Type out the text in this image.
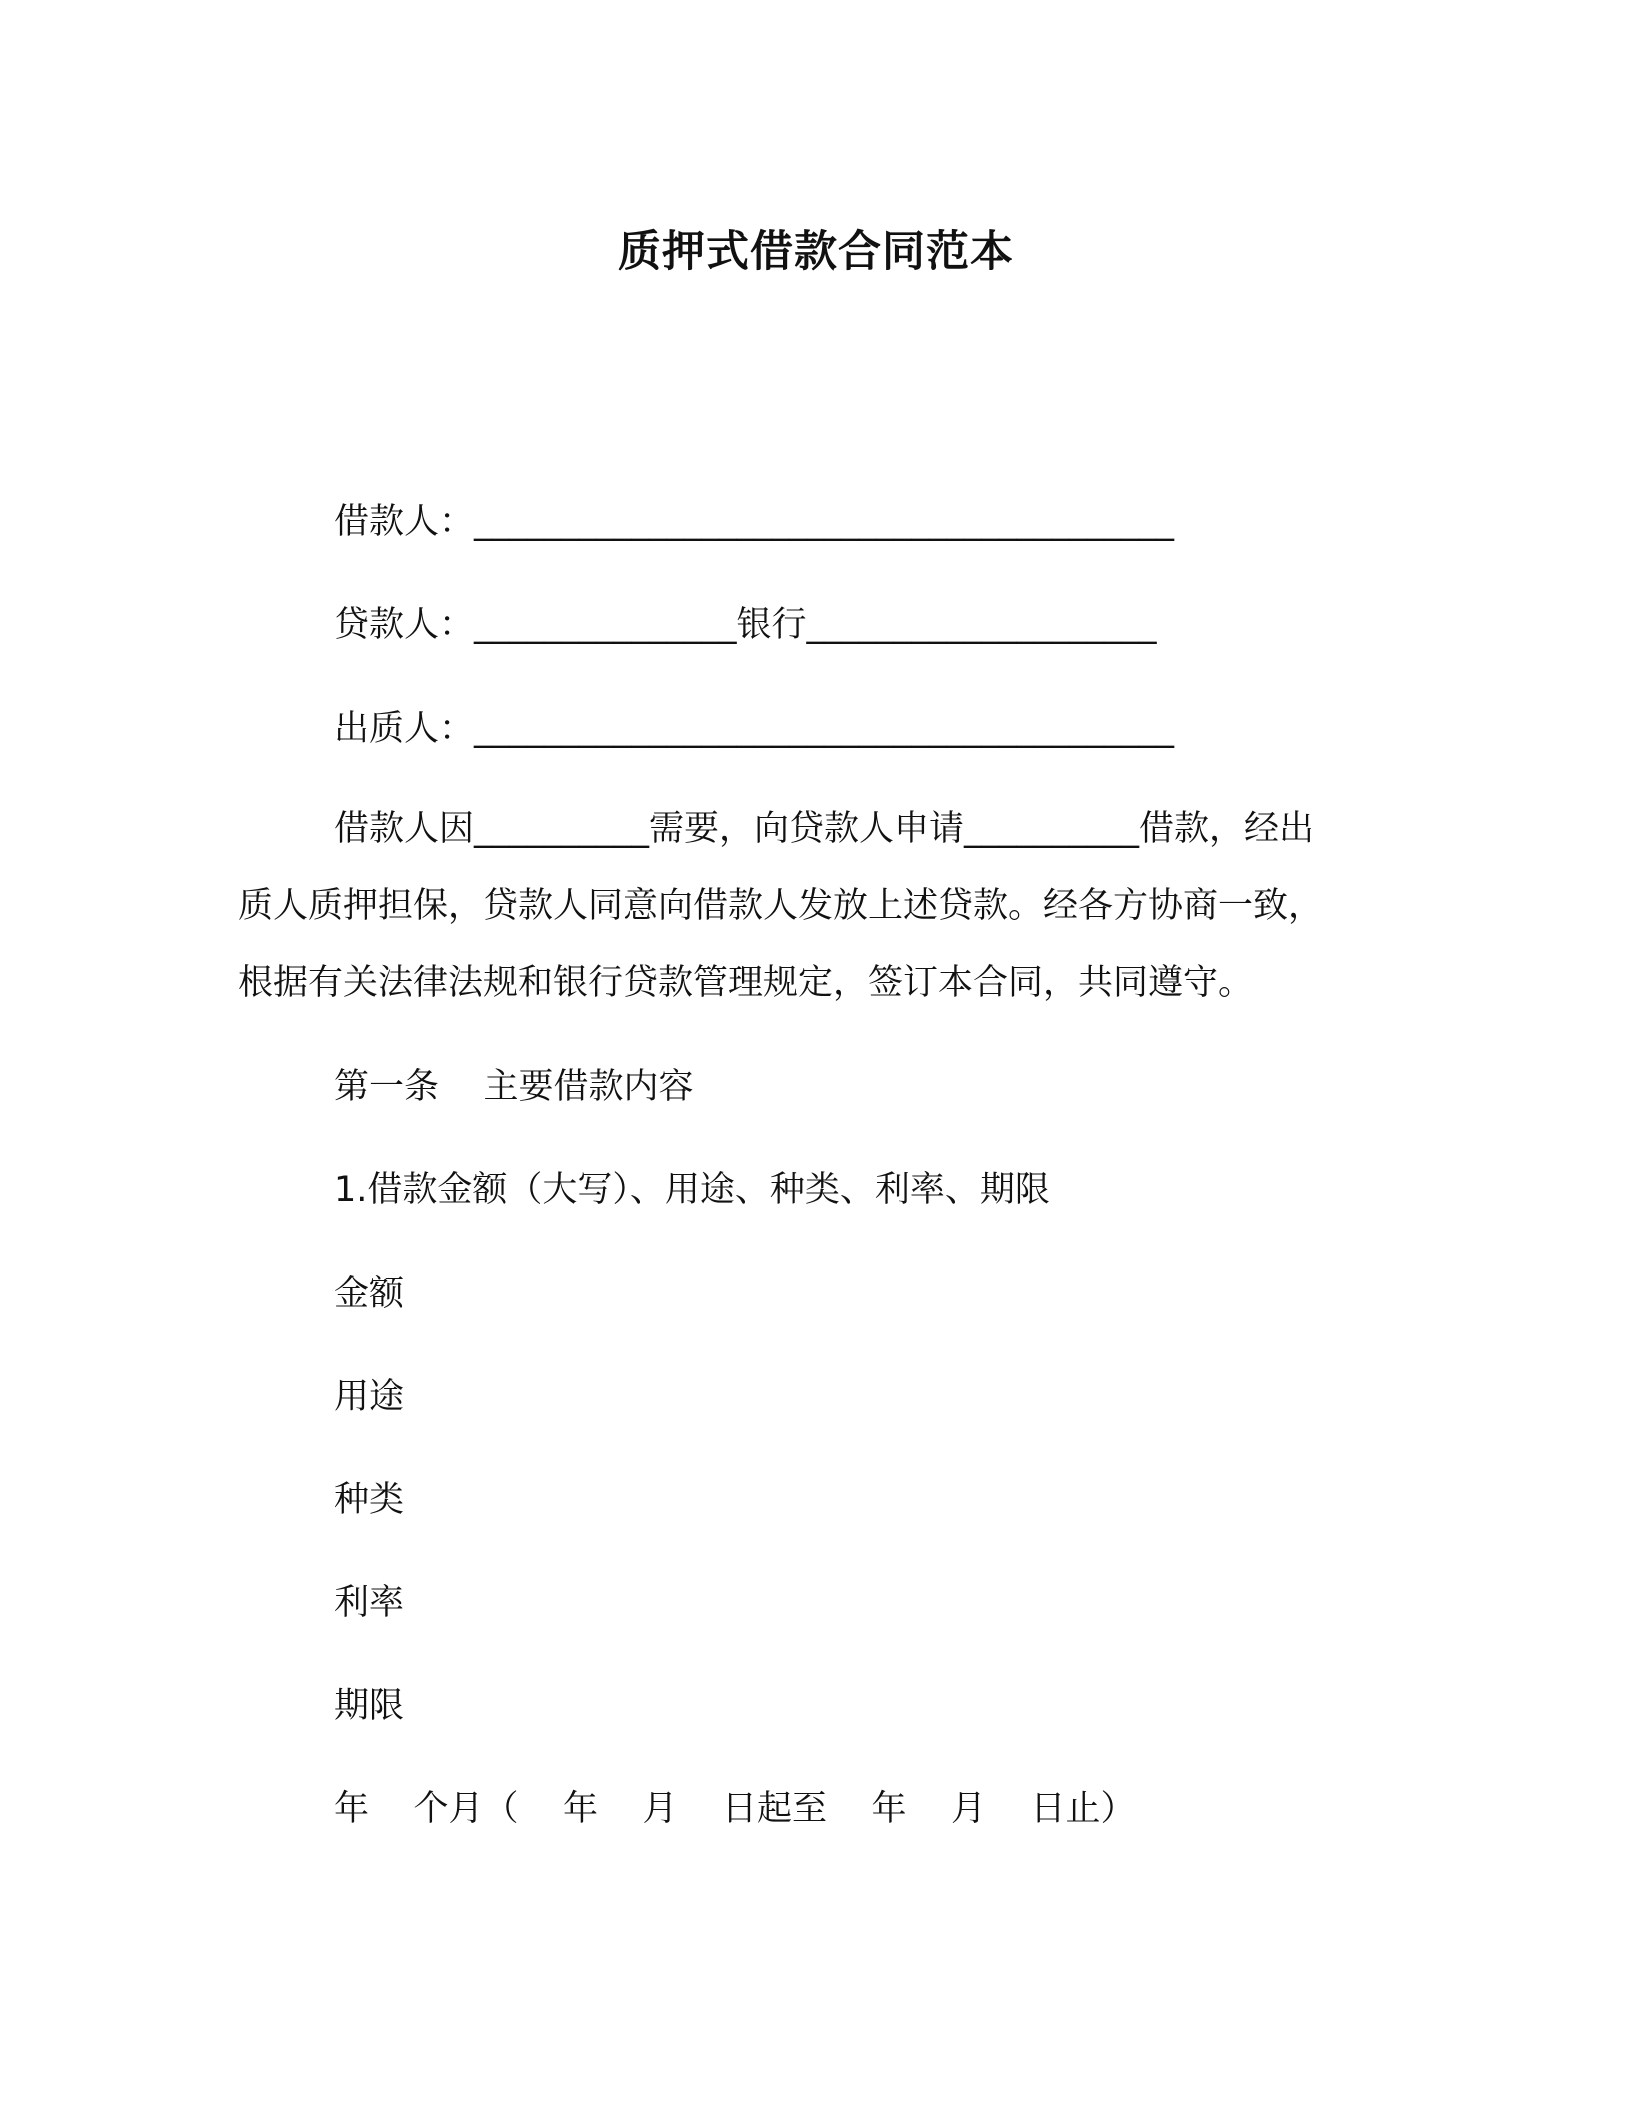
质押式借款合同范本
借款人：________________________________________
贷款人：_______________银行____________________
出质人：________________________________________
借款人因__________需要，向贷款人申请__________借款，经出
质人质押担保，贷款人同意向借款人发放上述贷款。经各方协商一致，
根据有关法律法规和银行贷款管理规定，签订本合同，共同遵守。
第一条    主要借款内容
1.借款金额（大写）、用途、种类、利率、期限
金额
用途
种类
利率
期限
年    个月（    年    月    日起至    年    月    日止）
